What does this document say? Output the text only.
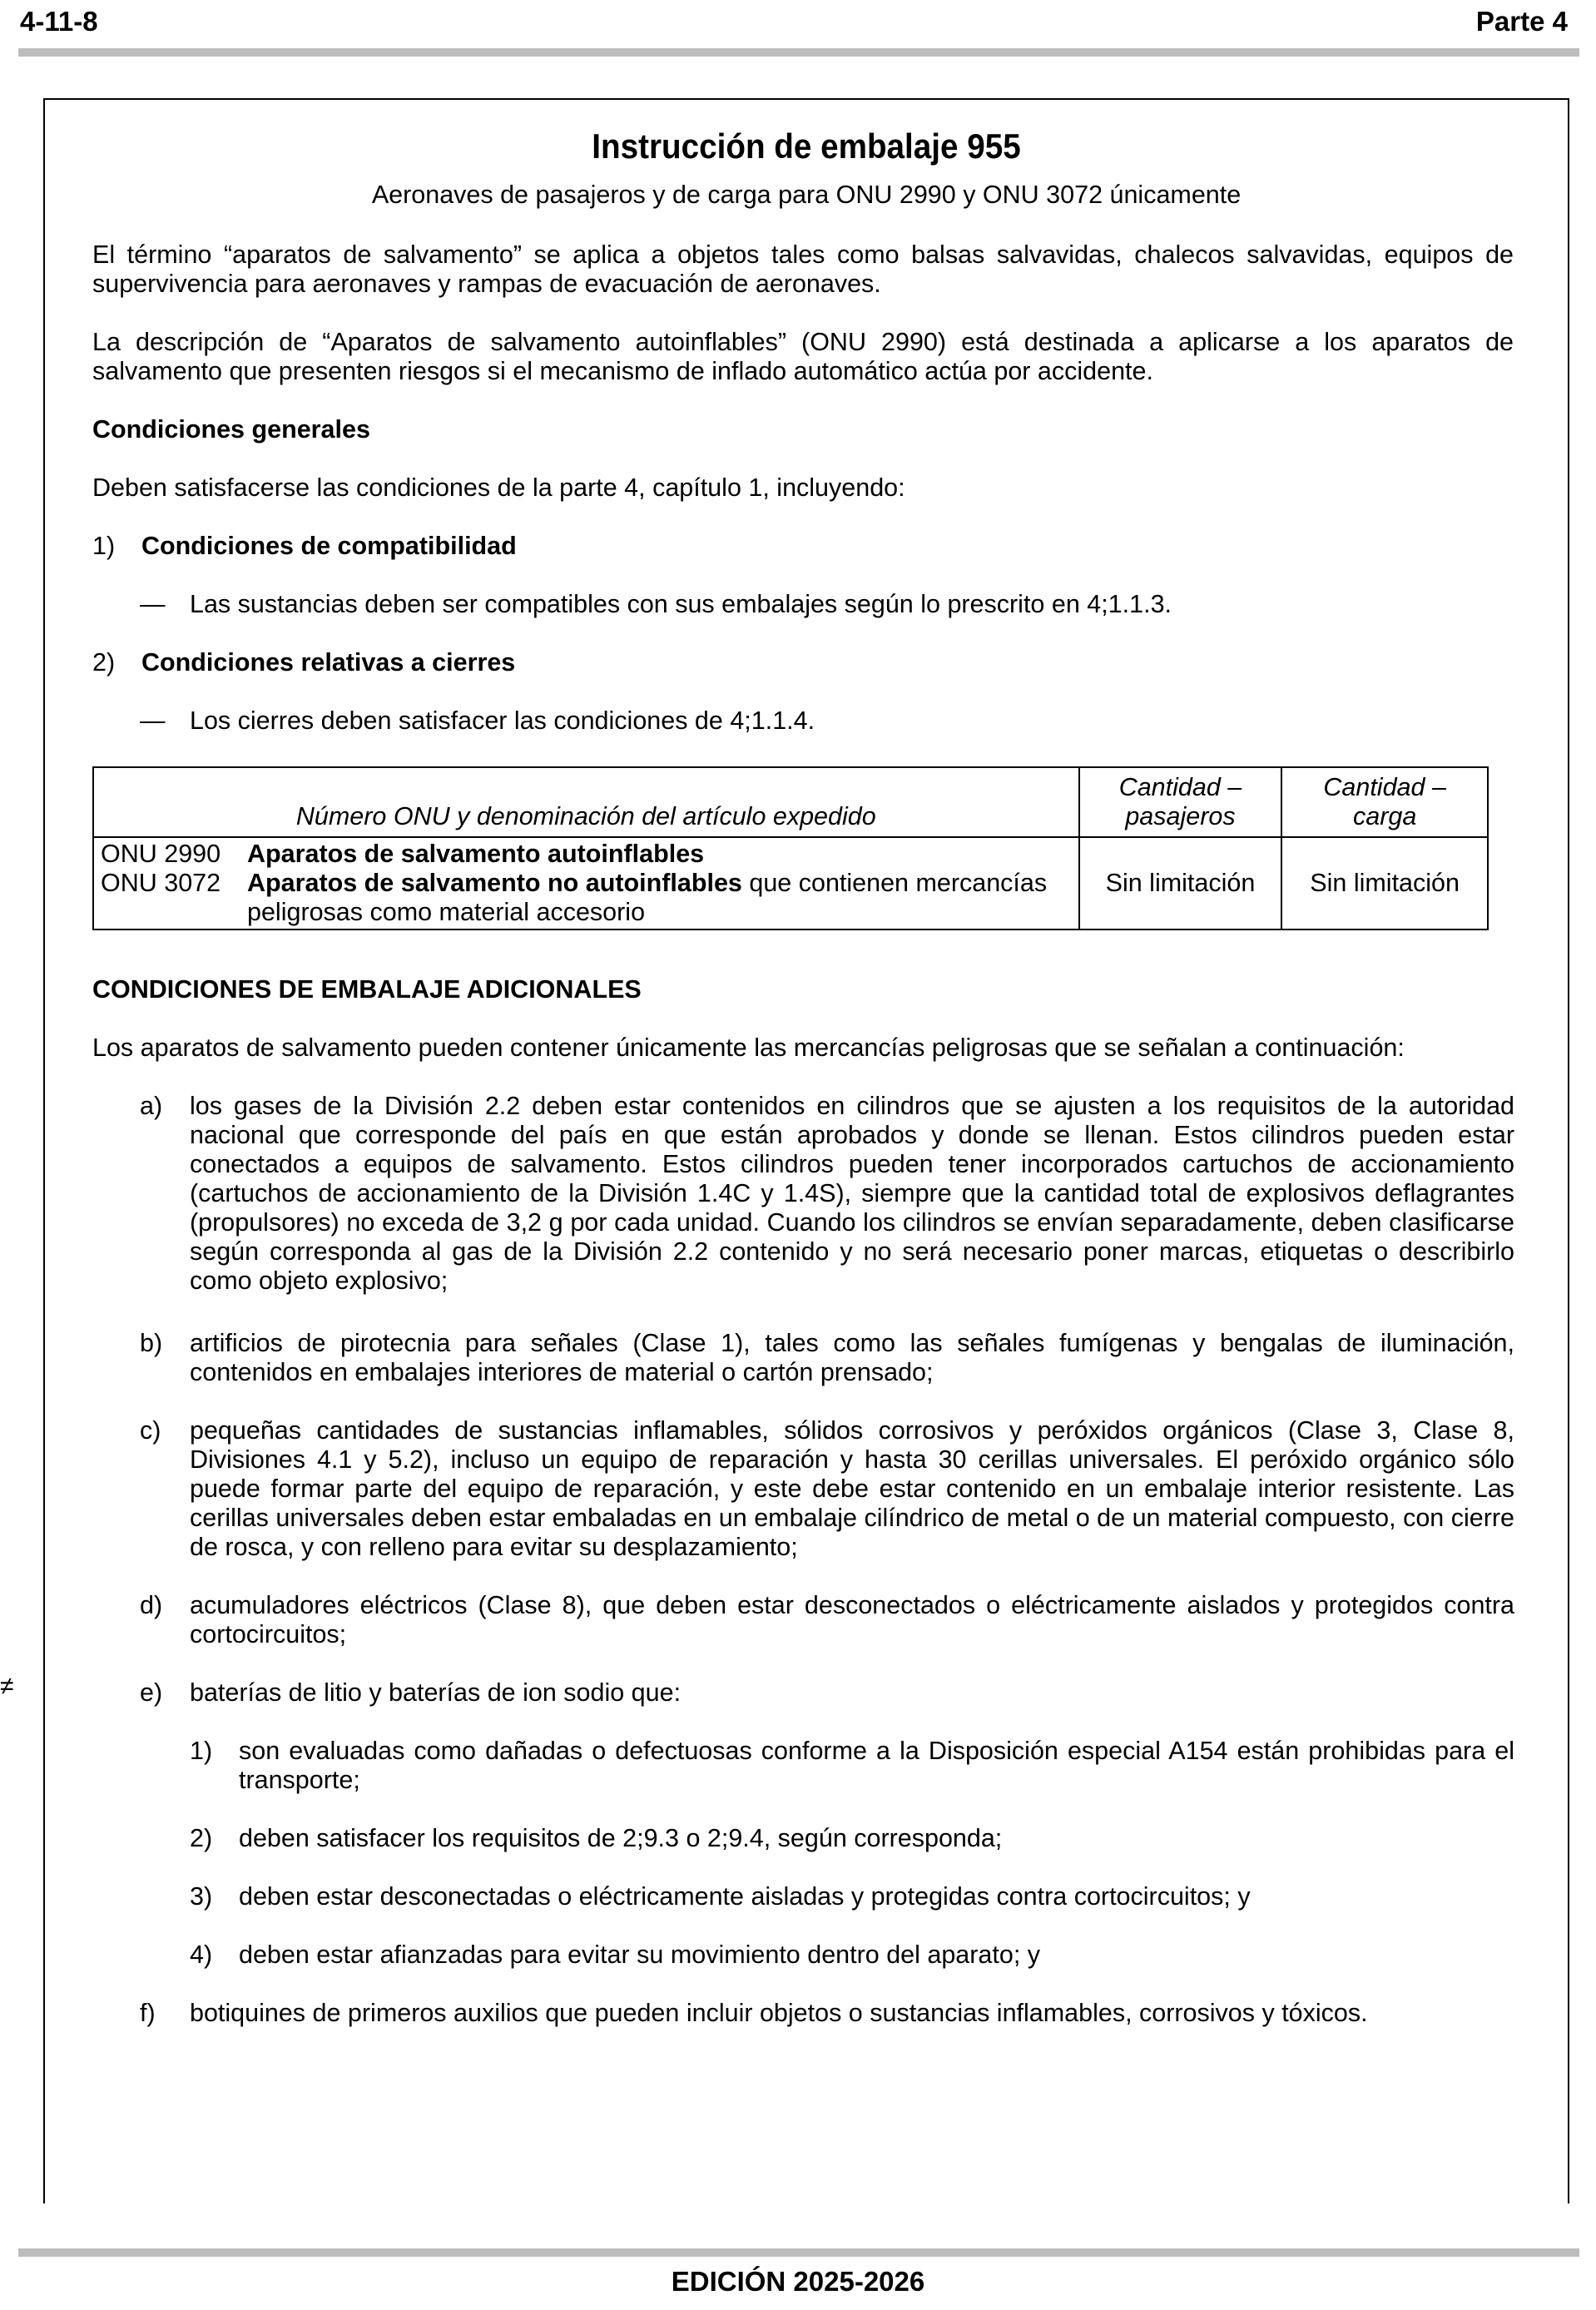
4-11-8	Parte 4
Instrucción de embalaje 955
Aeronaves de pasajeros y de carga para ONU 2990 y ONU 3072 únicamente
El término “aparatos de salvamento” se aplica a objetos tales como balsas salvavidas, chalecos salvavidas, equipos de supervivencia para aeronaves y rampas de evacuación de aeronaves.
La descripción de “Aparatos de salvamento autoinflables” (ONU 2990) está destinada a aplicarse a los aparatos de salvamento que presenten riesgos si el mecanismo de inflado automático actúa por accidente.
Condiciones generales
Deben satisfacerse las condiciones de la parte 4, capítulo 1, incluyendo:
1) Condiciones de compatibilidad
— Las sustancias deben ser compatibles con sus embalajes según lo prescrito en 4;1.1.3.
2) Condiciones relativas a cierres
— Los cierres deben satisfacer las condiciones de 4;1.1.4.
Número ONU y denominación del artículo expedido	Cantidad – pasajeros	Cantidad – carga

ONU 2990 Aparatos de salvamento autoinflables
ONU 3072 Aparatos de salvamento no autoinflables que contienen mercancías peligrosas como material accesorio	Sin limitación	Sin limitación
CONDICIONES DE EMBALAJE ADICIONALES
Los aparatos de salvamento pueden contener únicamente las mercancías peligrosas que se señalan a continuación:
a) los gases de la División 2.2 deben estar contenidos en cilindros que se ajusten a los requisitos de la autoridad nacional que corresponde del país en que están aprobados y donde se llenan. Estos cilindros pueden estar conectados a equipos de salvamento. Estos cilindros pueden tener incorporados cartuchos de accionamiento (cartuchos de accionamiento de la División 1.4C y 1.4S), siempre que la cantidad total de explosivos deflagrantes (propulsores) no exceda de 3,2 g por cada unidad. Cuando los cilindros se envían separadamente, deben clasificarse según corresponda al gas de la División 2.2 contenido y no será necesario poner marcas, etiquetas o describirlo como objeto explosivo;
b) artificios de pirotecnia para señales (Clase 1), tales como las señales fumígenas y bengalas de iluminación, contenidos en embalajes interiores de material o cartón prensado;
c) pequeñas cantidades de sustancias inflamables, sólidos corrosivos y peróxidos orgánicos (Clase 3, Clase 8, Divisiones 4.1 y 5.2), incluso un equipo de reparación y hasta 30 cerillas universales. El peróxido orgánico sólo puede formar parte del equipo de reparación, y este debe estar contenido en un embalaje interior resistente. Las cerillas universales deben estar embaladas en un embalaje cilíndrico de metal o de un material compuesto, con cierre de rosca, y con relleno para evitar su desplazamiento;
d) acumuladores eléctricos (Clase 8), que deben estar desconectados o eléctricamente aislados y protegidos contra cortocircuitos;
≠	e) baterías de litio y baterías de ion sodio que:
1) son evaluadas como dañadas o defectuosas conforme a la Disposición especial A154 están prohibidas para el transporte;
2) deben satisfacer los requisitos de 2;9.3 o 2;9.4, según corresponda;
3) deben estar desconectadas o eléctricamente aisladas y protegidas contra cortocircuitos; y
4) deben estar afianzadas para evitar su movimiento dentro del aparato; y
f) botiquines de primeros auxilios que pueden incluir objetos o sustancias inflamables, corrosivos y tóxicos.
EDICIÓN 2025-2026
